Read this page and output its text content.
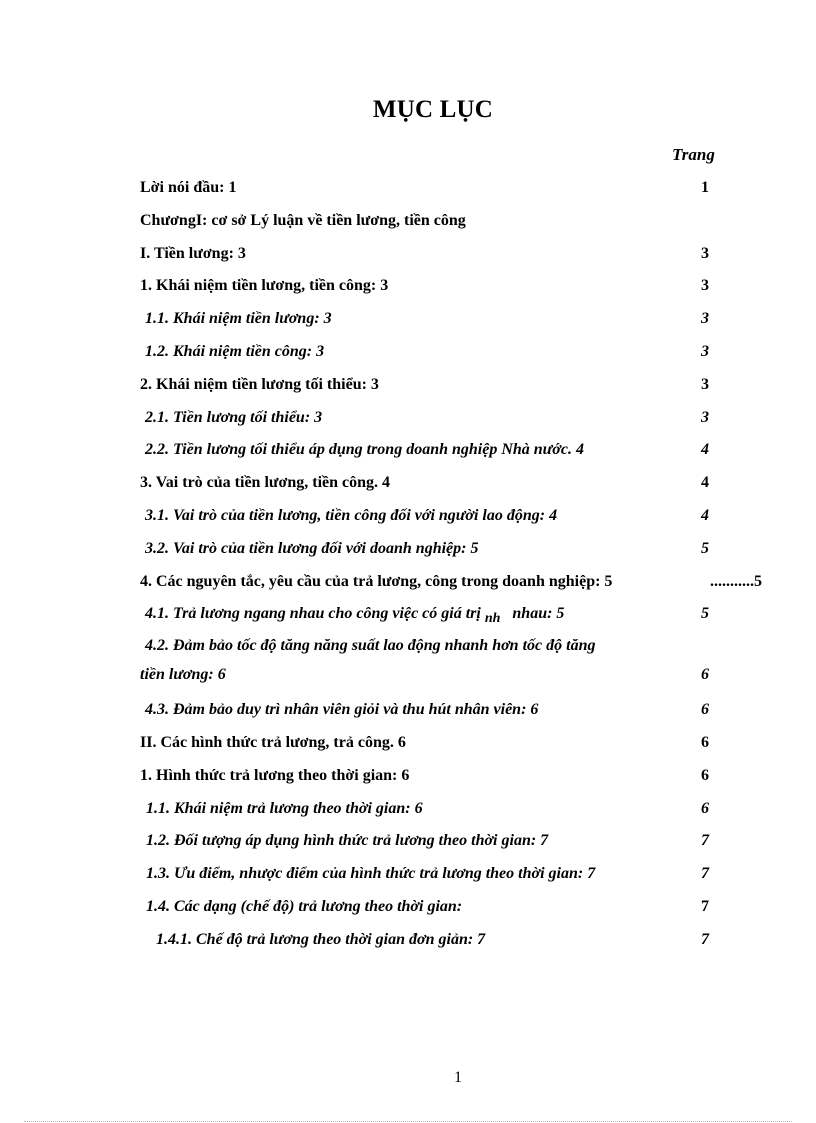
MỤC LỤC
Trang
Lời nói đầu: 1	1
ChươngI: cơ sở Lý luận về tiền lương, tiền công
I. Tiền lương: 3	3
1. Khái niệm tiền lương, tiền công: 3	3
1.1. Khái niệm tiền lương: 3	3
1.2. Khái niệm tiền công: 3	3
2. Khái niệm tiền lương tối thiểu: 3	3
2.1. Tiền lương tối thiểu: 3	3
2.2. Tiền lương tối thiểu áp dụng trong doanh nghiệp Nhà nước. 4	4
3. Vai trò của tiền lương, tiền công. 4	4
3.1. Vai trò của tiền lương, tiền công đối với người lao động: 4	4
3.2. Vai trò của tiền lương đối với doanh nghiệp: 5	5
4. Các nguyên tắc, yêu cầu của trả lương, công trong doanh nghiệp: 5	...........5
4.1. Trả lương ngang nhau cho công việc có giá trị nh nhau: 5	5
4.2. Đảm bảo tốc độ tăng năng suất lao động nhanh hơn tốc độ tăng
tiền lương: 6	6
4.3. Đảm bảo duy trì nhân viên giỏi và thu hút nhân viên: 6	6
II. Các hình thức trả lương, trả công. 6	6
1. Hình thức trả lương theo thời gian: 6	6
1.1. Khái niệm trả lương theo thời gian: 6	6
1.2. Đối tượng áp dụng hình thức trả lương theo thời gian: 7	7
1.3. Ưu điểm, nhược điểm của hình thức trả lương theo thời gian: 7	7
1.4. Các dạng (chế độ) trả lương theo thời gian:	7
1.4.1. Chế độ trả lương theo thời gian đơn giản: 7	7
1
